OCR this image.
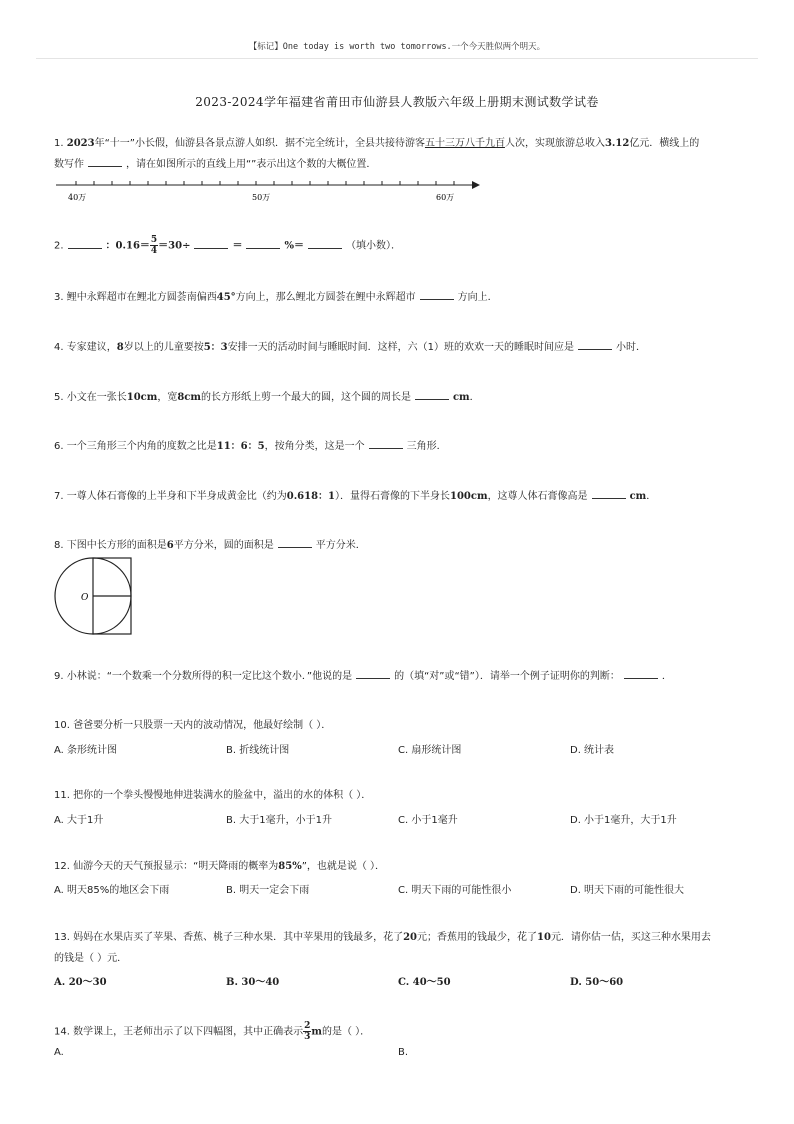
【标记】One today is worth two tomorrows.一个今天胜似两个明天。
2023-2024学年福建省莆田市仙游县人教版六年级上册期末测试数学试卷
1. 2023年“十一”小长假，仙游县各景点游人如织．据不完全统计，全县共接待游客五十三万八千九百人次，实现旅游总收入3.12亿元．横线上的
数写作	，请在如图所示的直线上用“”表示出这个数的大概位置．
40万	50万	60万
2.	：$0.16= \frac{5}{4} =30\div$	＝	%＝	（填小数）．
3. 鲤中永辉超市在鲤北方圆荟南偏西45°方向上，那么鲤北方圆荟在鲤中永辉超市	方向上．
4. 专家建议，8岁以上的儿童要按5：3安排一天的活动时间与睡眠时间．这样，六（1）班的欢欢一天的睡眠时间应是	小时．
5. 小文在一张长10cm，宽8cm的长方形纸上剪一个最大的圆，这个圆的周长是	cm．
6. 一个三角形三个内角的度数之比是11：6：5，按角分类，这是一个	三角形．
7. 一尊人体石膏像的上半身和下半身成黄金比（约为0.618：1）．量得石膏像的下半身长100cm，这尊人体石膏像高是	cm．
8. 下图中长方形的面积是6平方分米，圆的面积是	平方分米．
O
9. 小林说：“一个数乘一个分数所得的积一定比这个数小．”他说的是	的（填“对”或“错”）．请举一个例子证明你的判断：	．
10. 爸爸要分析一只股票一天内的波动情况，他最好绘制（ ）．
A. 条形统计图	B. 折线统计图	C. 扇形统计图	D. 统计表
11. 把你的一个拳头慢慢地伸进装满水的脸盆中，溢出的水的体积（ ）．
A. 大于1升	B. 大于1毫升，小于1升	C. 小于1毫升	D. 小于1毫升，大于1升
12. 仙游今天的天气预报显示：“明天降雨的概率为85%”，也就是说（ ）．
A. 明天85%的地区会下雨	B. 明天一定会下雨	C. 明天下雨的可能性很小	D. 明天下雨的可能性很大
13. 妈妈在水果店买了苹果、香蕉、桃子三种水果．其中苹果用的钱最多，花了20元；香蕉用的钱最少，花了10元．请你估一估，买这三种水果用去
的钱是（ ）元．
A. 20～30	B. 30～40	C. 40～50	D. 50～60
14. 数学课上，王老师出示了以下四幅图，其中正确表示 $\frac{2}{3}$ m的是（ ）．
A.	B.
